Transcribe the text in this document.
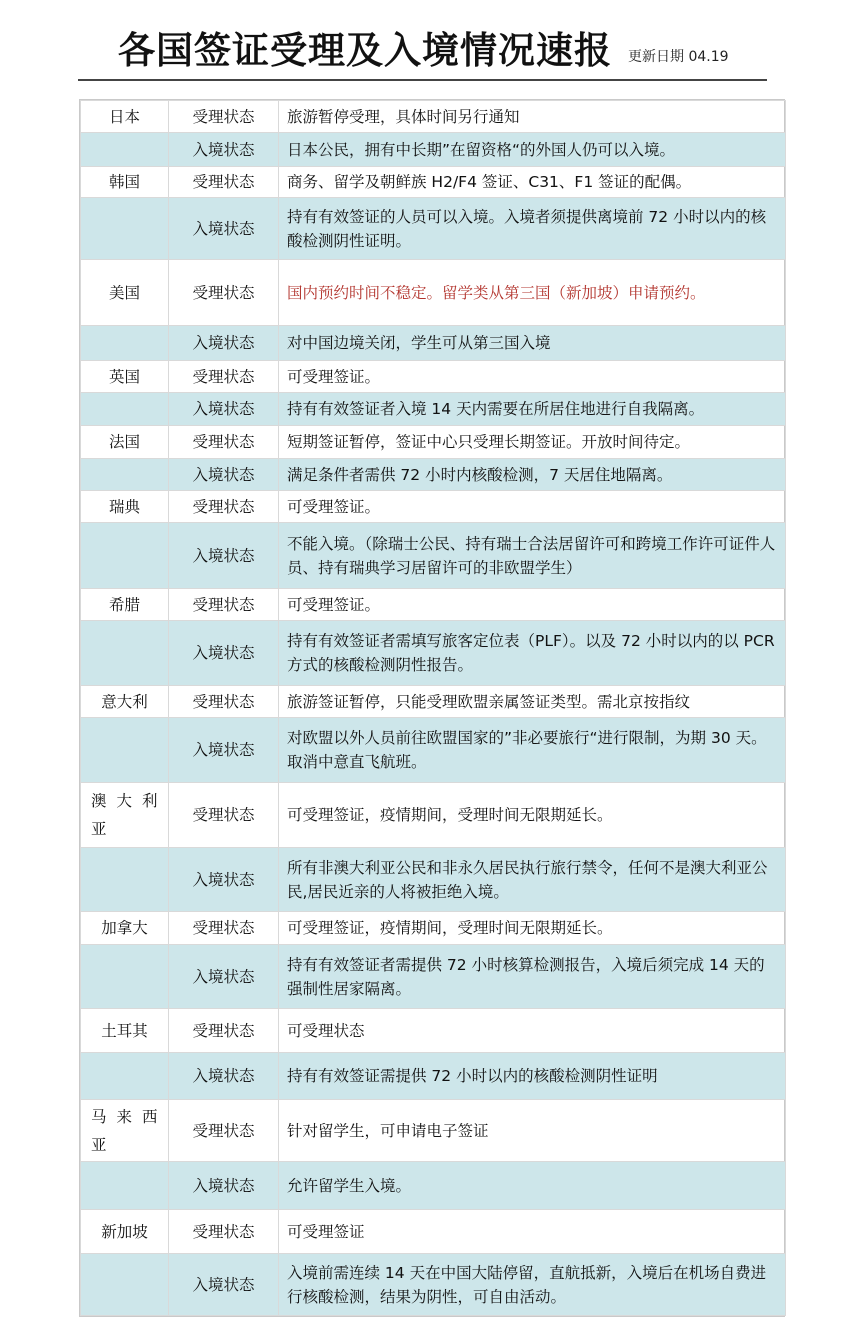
各国签证受理及入境情况速报 更新日期 04.19
日本	受理状态	旅游暂停受理，具体时间另行通知
	入境状态	日本公民，拥有中长期”在留资格“的外国人仍可以入境。
韩国	受理状态	商务、留学及朝鲜族 H2/F4 签证、C31、F1 签证的配偶。
	入境状态	持有有效签证的人员可以入境。入境者须提供离境前 72 小时以内的核酸检测阴性证明。
美国	受理状态	国内预约时间不稳定。留学类从第三国（新加坡）申请预约。
	入境状态	对中国边境关闭，学生可从第三国入境
英国	受理状态	可受理签证。
	入境状态	持有有效签证者入境 14 天内需要在所居住地进行自我隔离。
法国	受理状态	短期签证暂停，签证中心只受理长期签证。开放时间待定。
	入境状态	满足条件者需供 72 小时内核酸检测，7 天居住地隔离。
瑞典	受理状态	可受理签证。
	入境状态	不能入境。（除瑞士公民、持有瑞士合法居留许可和跨境工作许可证件人员、持有瑞典学习居留许可的非欧盟学生）
希腊	受理状态	可受理签证。
	入境状态	持有有效签证者需填写旅客定位表（PLF）。以及 72 小时以内的以 PCR 方式的核酸检测阴性报告。
意大利	受理状态	旅游签证暂停，只能受理欧盟亲属签证类型。需北京按指纹
	入境状态	对欧盟以外人员前往欧盟国家的”非必要旅行“进行限制，为期 30 天。取消中意直飞航班。
澳大利亚	受理状态	可受理签证，疫情期间，受理时间无限期延长。
	入境状态	所有非澳大利亚公民和非永久居民执行旅行禁令，任何不是澳大利亚公民,居民近亲的人将被拒绝入境。
加拿大	受理状态	可受理签证，疫情期间，受理时间无限期延长。
	入境状态	持有有效签证者需提供 72 小时核算检测报告，入境后须完成 14 天的强制性居家隔离。
土耳其	受理状态	可受理状态
	入境状态	持有有效签证需提供 72 小时以内的核酸检测阴性证明
马来西亚	受理状态	针对留学生，可申请电子签证
	入境状态	允许留学生入境。
新加坡	受理状态	可受理签证
	入境状态	入境前需连续 14 天在中国大陆停留，直航抵新，入境后在机场自费进行核酸检测，结果为阴性，可自由活动。
